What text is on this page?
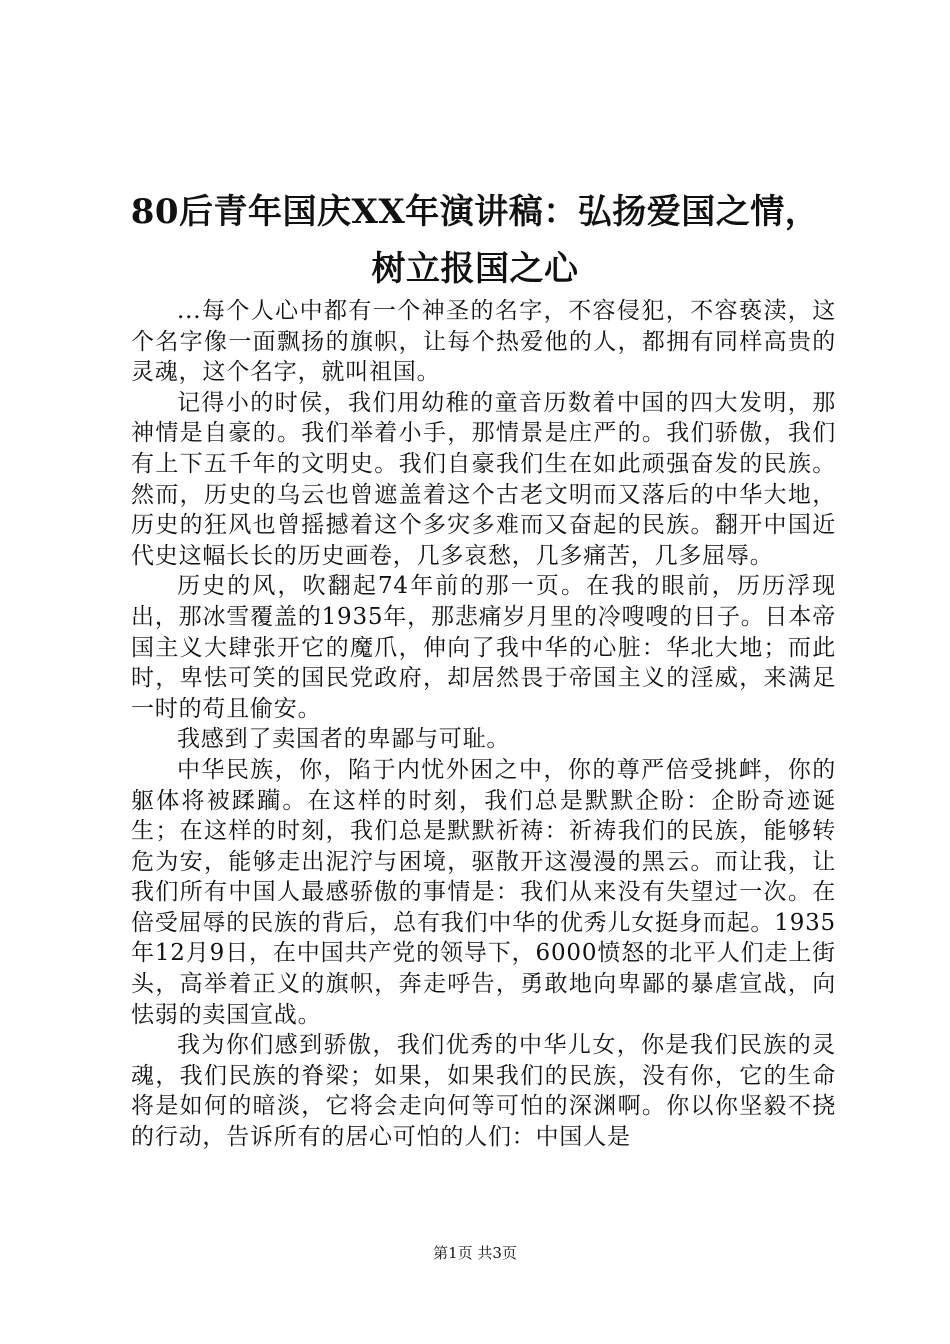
80后青年国庆XX年演讲稿：弘扬爱国之情，
树立报国之心

...每个人心中都有一个神圣的名字，不容侵犯，不容亵渎，这个名字像一面飘扬的旗帜，让每个热爱他的人，都拥有同样高贵的灵魂，这个名字，就叫祖国。

记得小的时侯，我们用幼稚的童音历数着中国的四大发明，那神情是自豪的。我们举着小手，那情景是庄严的。我们骄傲，我们有上下五千年的文明史。我们自豪我们生在如此顽强奋发的民族。然而，历史的乌云也曾遮盖着这个古老文明而又落后的中华大地，历史的狂风也曾摇撼着这个多灾多难而又奋起的民族。翻开中国近代史这幅长长的历史画卷，几多哀愁，几多痛苦，几多屈辱。

历史的风，吹翻起74年前的那一页。在我的眼前，历历浮现出，那冰雪覆盖的1935年，那悲痛岁月里的冷嗖嗖的日子。日本帝国主义大肆张开它的魔爪，伸向了我中华的心脏：华北大地；而此时，卑怯可笑的国民党政府，却居然畏于帝国主义的淫威，来满足一时的苟且偷安。

我感到了卖国者的卑鄙与可耻。

中华民族，你，陷于内忧外困之中，你的尊严倍受挑衅，你的躯体将被蹂躏。在这样的时刻，我们总是默默企盼：企盼奇迹诞生；在这样的时刻，我们总是默默祈祷：祈祷我们的民族，能够转危为安，能够走出泥泞与困境，驱散开这漫漫的黑云。而让我，让我们所有中国人最感骄傲的事情是：我们从来没有失望过一次。在倍受屈辱的民族的背后，总有我们中华的优秀儿女挺身而起。1935年12月9日，在中国共产党的领导下，6000愤怒的北平人们走上街头，高举着正义的旗帜，奔走呼告，勇敢地向卑鄙的暴虐宣战，向怯弱的卖国宣战。

我为你们感到骄傲，我们优秀的中华儿女，你是我们民族的灵魂，我们民族的脊梁；如果，如果我们的民族，没有你，它的生命将是如何的暗淡，它将会走向何等可怕的深渊啊。你以你坚毅不挠的行动，告诉所有的居心可怕的人们：中国人是

第1页 共3页
